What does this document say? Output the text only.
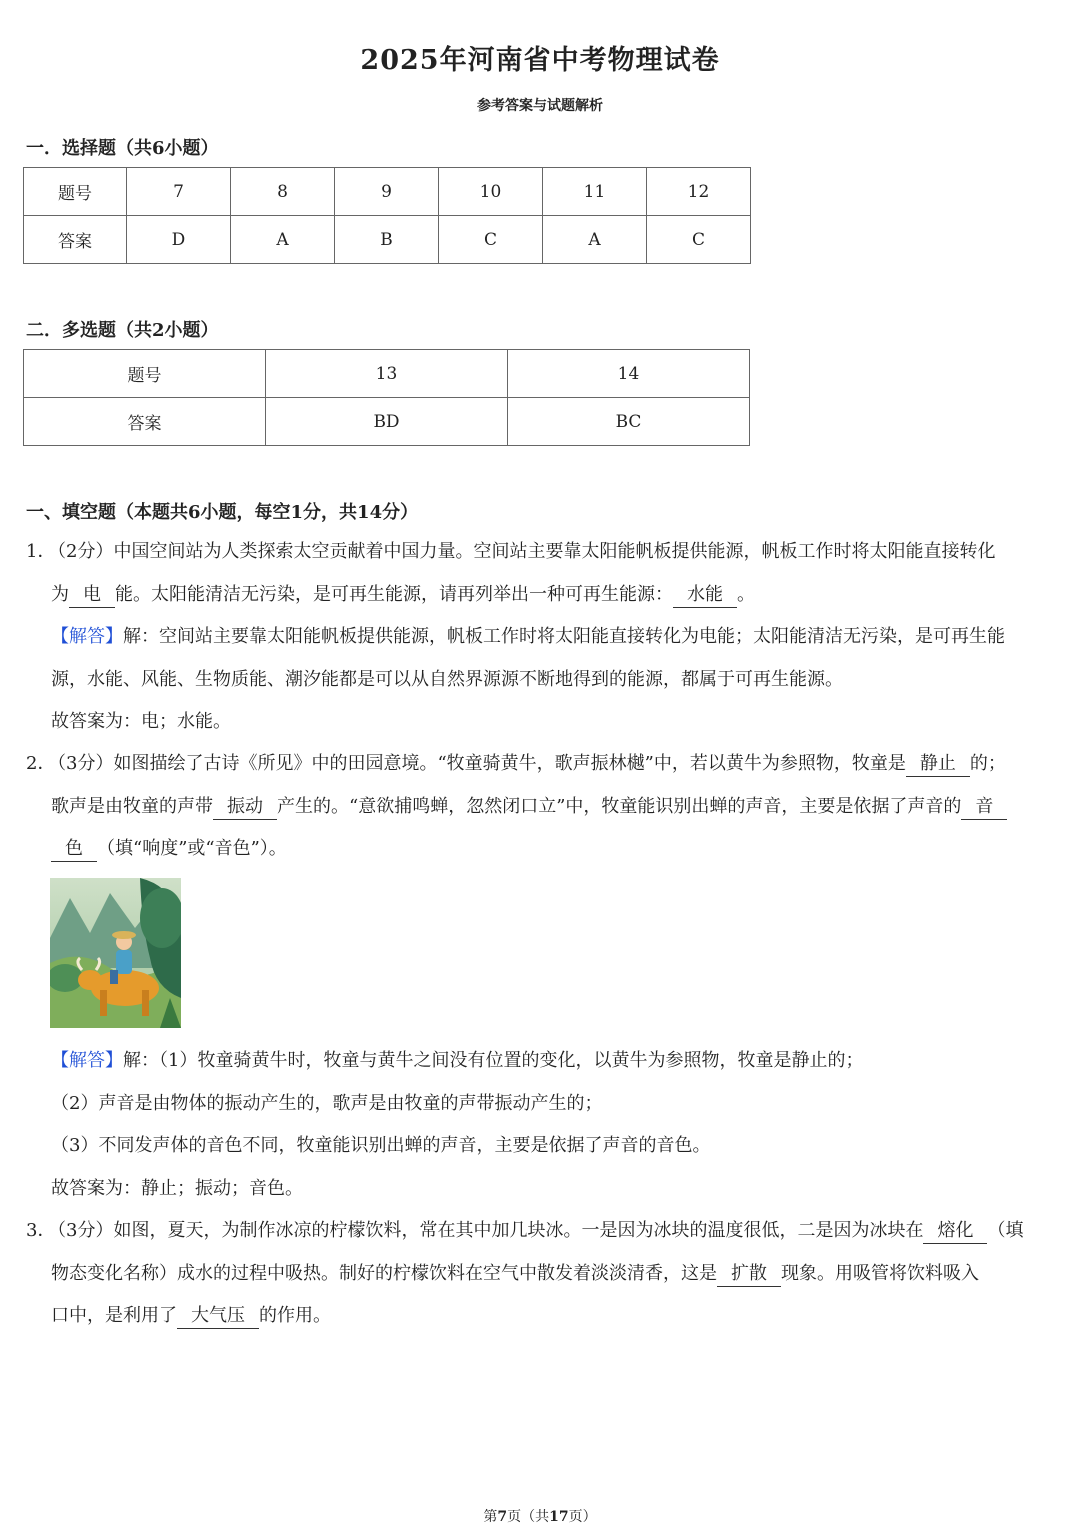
2025年河南省中考物理试卷
参考答案与试题解析
一．选择题（共6小题）
题号	7	8	9	10	11	12
答案	D	A	B	C	A	C
二．多选题（共2小题）
题号	13	14
答案	BD	BC
一、填空题（本题共6小题，每空1分，共14分）
1．（2分）中国空间站为人类探索太空贡献着中国力量。空间站主要靠太阳能帆板提供能源，帆板工作时将太阳能直接转化
为 电 能。太阳能清洁无污染，是可再生能源，请再列举出一种可再生能源： 水能 。
【解答】解：空间站主要靠太阳能帆板提供能源，帆板工作时将太阳能直接转化为电能；太阳能清洁无污染，是可再生能
源，水能、风能、生物质能、潮汐能都是可以从自然界源源不断地得到的能源，都属于可再生能源。
故答案为：电；水能。
2．（3分）如图描绘了古诗《所见》中的田园意境。“牧童骑黄牛，歌声振林樾”中，若以黄牛为参照物，牧童是 静止 的；
歌声是由牧童的声带 振动 产生的。“意欲捕鸣蝉，忽然闭口立”中，牧童能识别出蝉的声音，主要是依据了声音的 音
色 （填“响度”或“音色”）。
【解答】解：（1）牧童骑黄牛时，牧童与黄牛之间没有位置的变化，以黄牛为参照物，牧童是静止的；
（2）声音是由物体的振动产生的，歌声是由牧童的声带振动产生的；
（3）不同发声体的音色不同，牧童能识别出蝉的声音，主要是依据了声音的音色。
故答案为：静止；振动；音色。
3．（3分）如图，夏天，为制作冰凉的柠檬饮料，常在其中加几块冰。一是因为冰块的温度很低，二是因为冰块在 熔化 （填
物态变化名称）成水的过程中吸热。制好的柠檬饮料在空气中散发着淡淡清香，这是 扩散 现象。用吸管将饮料吸入
口中，是利用了 大气压 的作用。
第7页（共17页）
